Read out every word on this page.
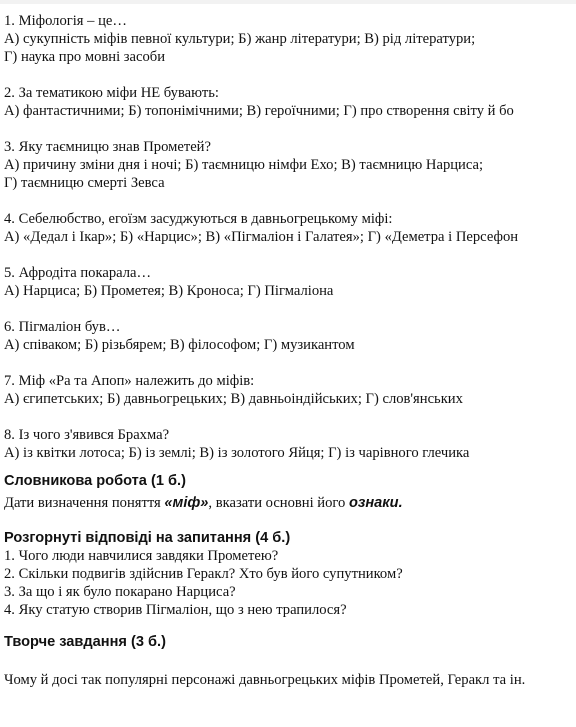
1. Міфологія – це…
А) сукупність міфів певної культури; Б) жанр літератури; В) рід літератури;
Г) наука про мовні засоби
2. За тематикою міфи НЕ бувають:
А) фантастичними; Б) топонімічними; В) героїчними; Г) про створення світу й бо
3. Яку таємницю знав Прометей?
А) причину зміни дня і ночі; Б) таємницю німфи Ехо; В) таємницю Нарциса;
Г) таємницю смерті Зевса
4. Себелюбство, егоїзм засуджуються в давньогрецькому міфі:
А) «Дедал і Ікар»; Б) «Нарцис»; В) «Пігмаліон і Галатея»; Г) «Деметра і Персефон
5. Афродіта покарала…
А) Нарциса; Б) Прометея; В) Кроноса; Г) Пігмаліона
6. Пігмаліон був…
А) співаком; Б) різьбярем; В) філософом; Г) музикантом
7. Міф «Ра та Апоп» належить до міфів:
А) єгипетських; Б) давньогрецьких; В) давньоіндійських; Г) слов'янських
8. Із чого з'явився Брахма?
А) із квітки лотоса; Б) із землі; В) із золотого Яйця; Г) із чарівного глечика
Словникова робота (1 б.)
Дати визначення поняття «міф», вказати основні його ознаки.
Розгорнуті відповіді на запитання (4 б.)
1. Чого люди навчилися завдяки Прометею?
2. Скільки подвигів здійснив Геракл? Хто був його супутником?
3. За що і як було покарано Нарциса?
4. Яку статую створив Пігмаліон, що з нею трапилося?
Творче завдання (3 б.)
Чому й досі так популярні персонажі давньогрецьких міфів Прометей, Геракл та ін.
